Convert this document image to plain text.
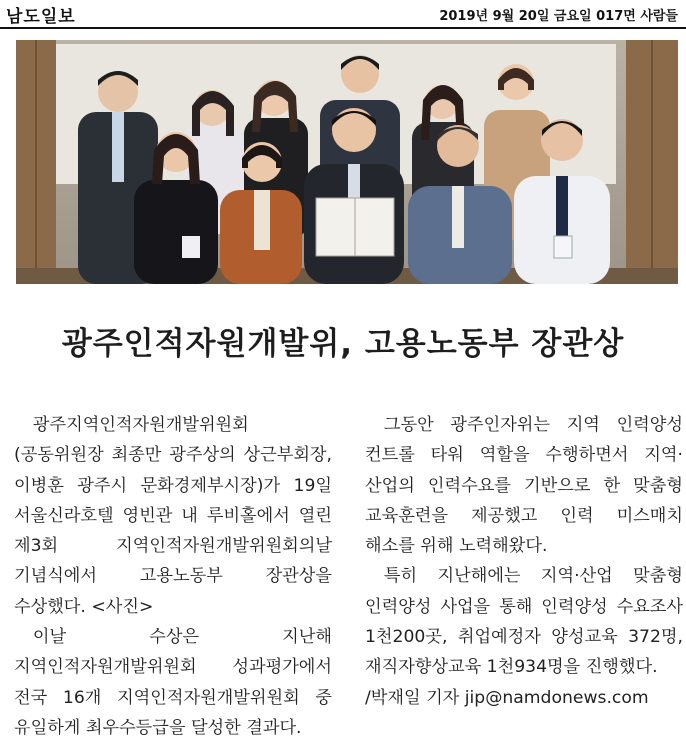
남도일보	2019년 9월 20일 금요일 017면 사람들
광주인적자원개발위, 고용노동부 장관상

광주지역인적자원개발위원회(공동위원장 최종만 광주상의 상근부회장, 이병훈 광주시 문화경제부시장)가 19일 서울신라호텔 영빈관 내 루비홀에서 열린 제3회 지역인적자원개발위원회의날 기념식에서 고용노동부 장관상을 수상했다. <사진>

이날 수상은 지난해 지역인적자원개발위원회 성과평가에서 전국 16개 지역인적자원개발위원회 중 유일하게 최우수등급을 달성한 결과다.

그동안 광주인자위는 지역 인력양성 컨트롤 타워 역할을 수행하면서 지역·산업의 인력수요를 기반으로 한 맞춤형 교육훈련을 제공했고 인력 미스매치 해소를 위해 노력해왔다.

특히 지난해에는 지역·산업 맞춤형 인력양성 사업을 통해 인력양성 수요조사 1천200곳, 취업예정자 양성교육 372명, 재직자향상교육 1천934명을 진행했다.

/박재일 기자 jip@namdonews.com
